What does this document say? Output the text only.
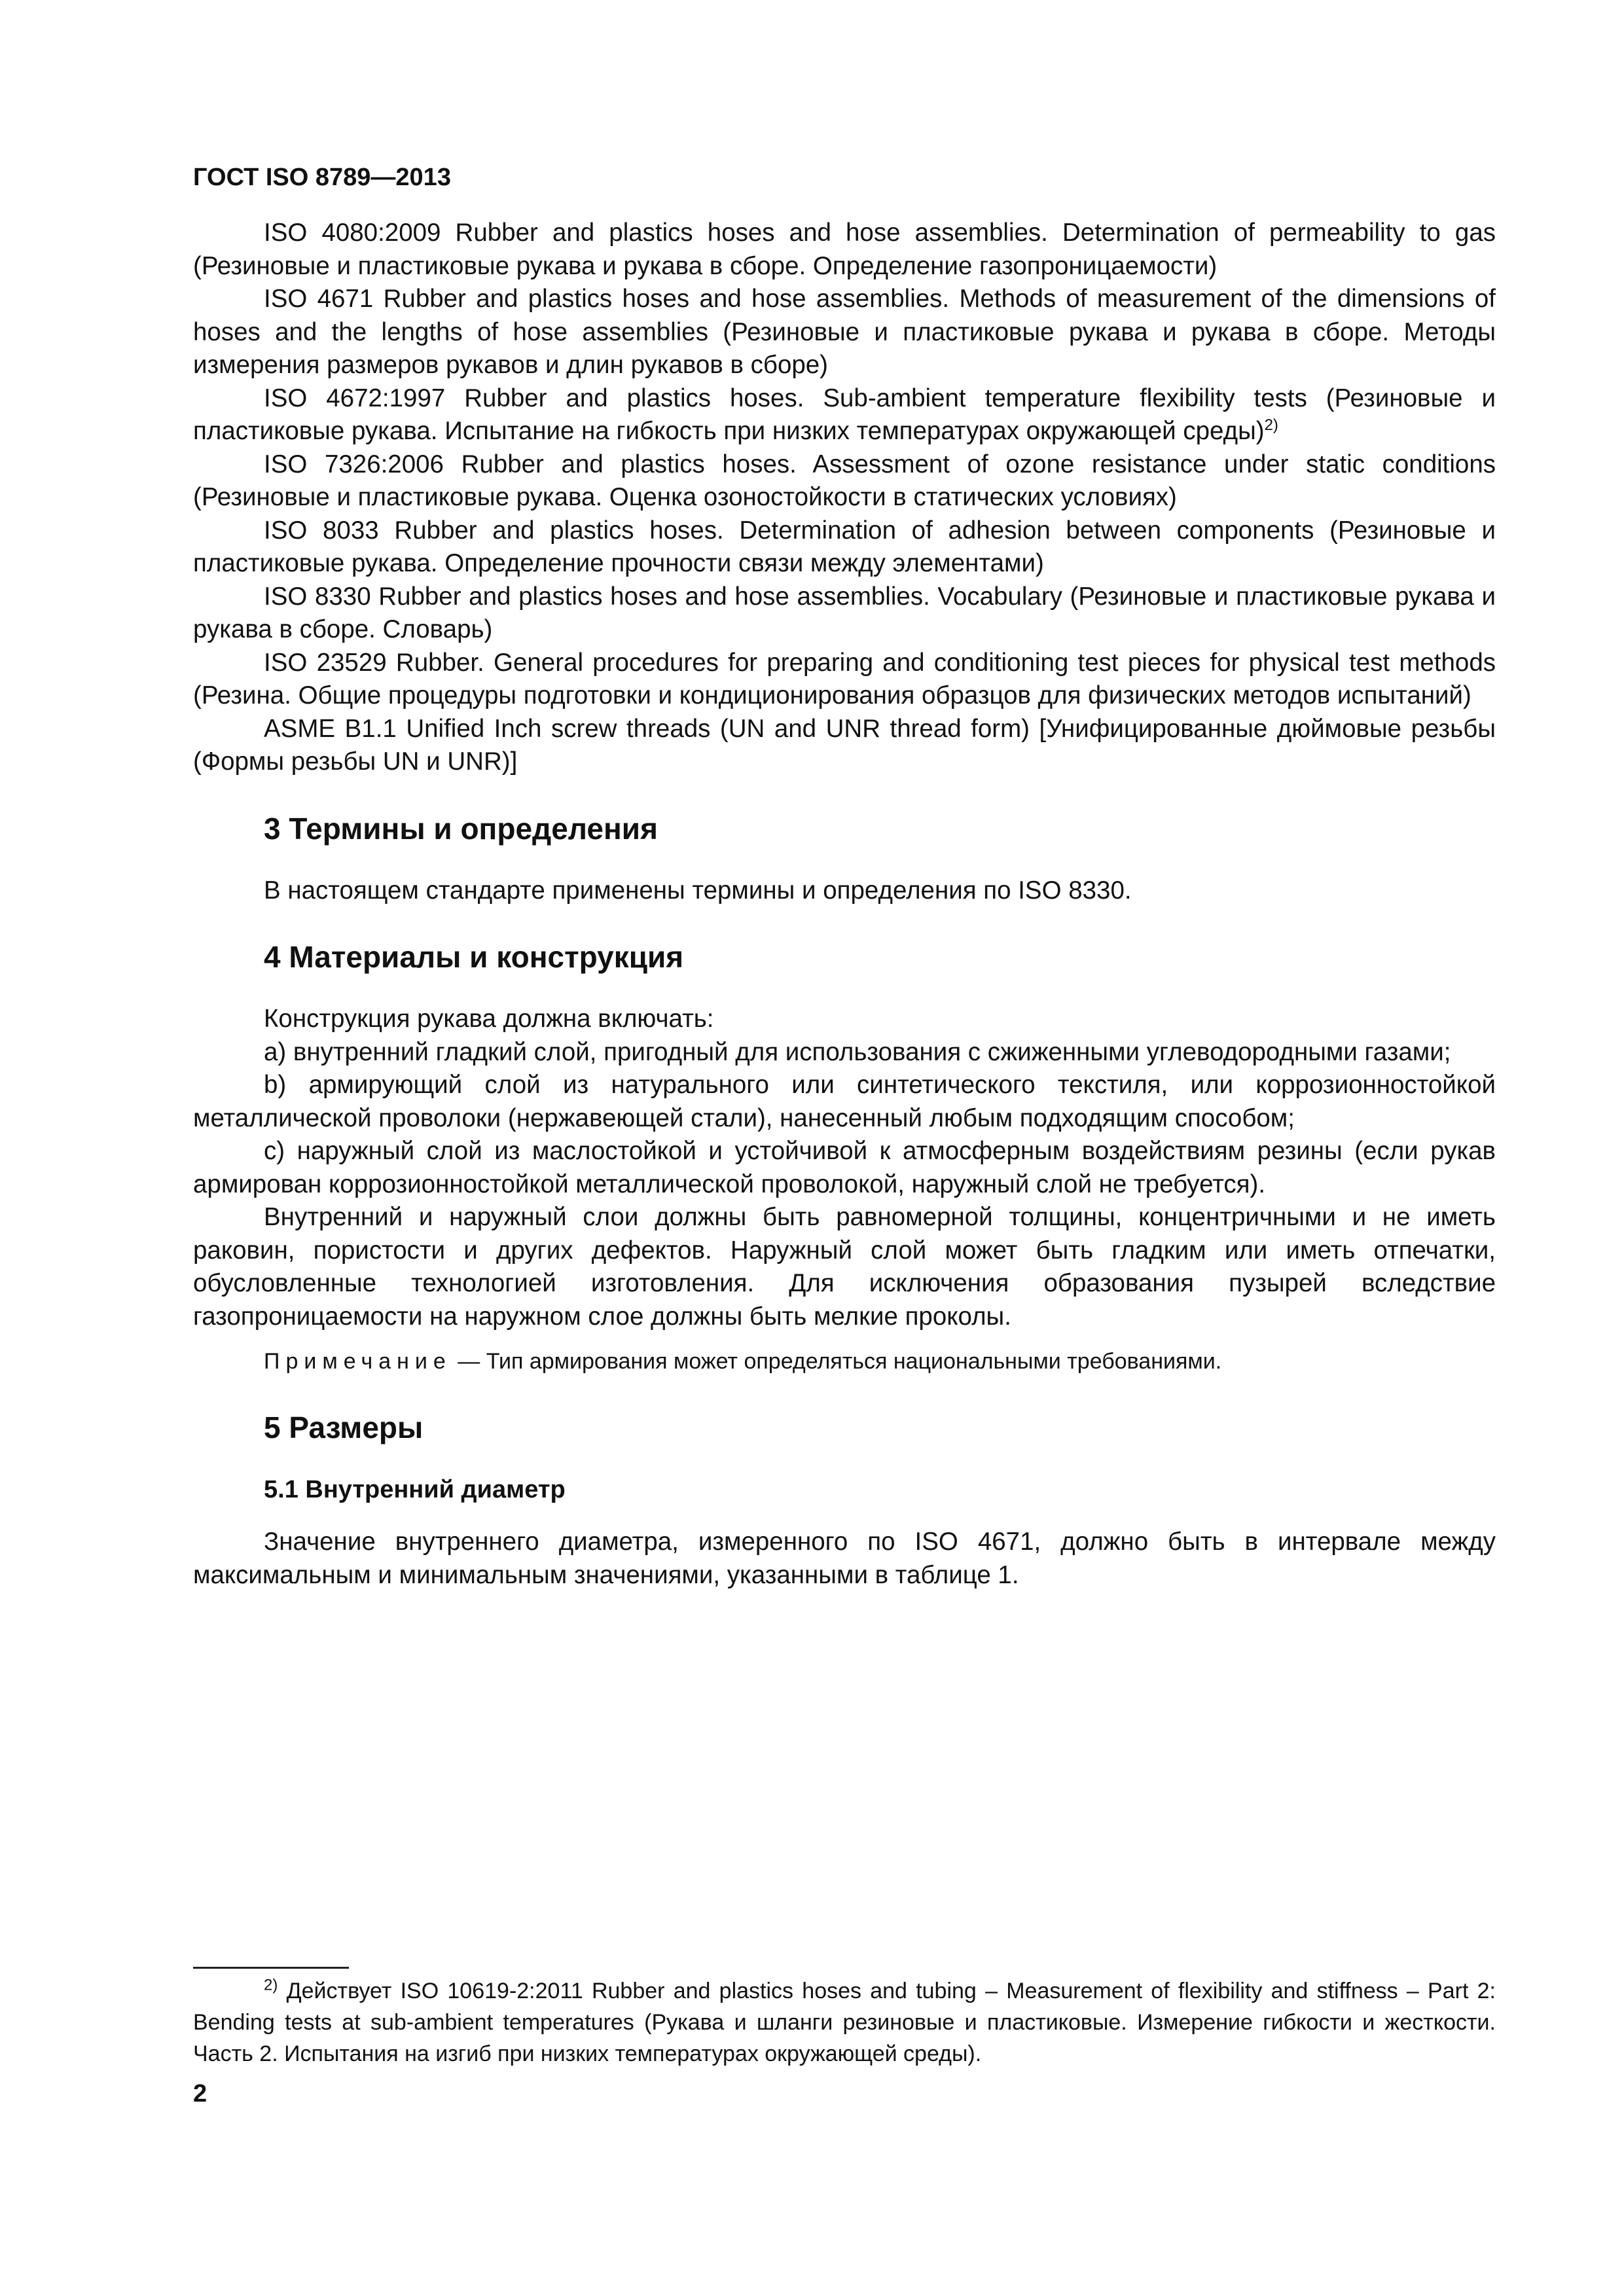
ГОСТ ISO 8789—2013

ISO 4080:2009 Rubber and plastics hoses and hose assemblies. Determination of permeability to gas (Резиновые и пластиковые рукава и рукава в сборе. Определение газопроницаемости)

ISO 4671 Rubber and plastics hoses and hose assemblies. Methods of measurement of the dimensions of hoses and the lengths of hose assemblies (Резиновые и пластиковые рукава и рукава в сборе. Методы измерения размеров рукавов и длин рукавов в сборе)

ISO 4672:1997 Rubber and plastics hoses. Sub-ambient temperature flexibility tests (Резиновые и пластиковые рукава. Испытание на гибкость при низких температурах окружающей среды)$^{2)}$

ISO 7326:2006 Rubber and plastics hoses. Assessment of ozone resistance under static conditions (Резиновые и пластиковые рукава. Оценка озоностойкости в статических условиях)

ISO 8033 Rubber and plastics hoses. Determination of adhesion between components (Резиновые и пластиковые рукава. Определение прочности связи между элементами)

ISO 8330 Rubber and plastics hoses and hose assemblies. Vocabulary (Резиновые и пластиковые рукава и рукава в сборе. Словарь)

ISO 23529 Rubber. General procedures for preparing and conditioning test pieces for physical test methods (Резина. Общие процедуры подготовки и кондиционирования образцов для физических методов испытаний)

ASME B1.1 Unified Inch screw threads (UN and UNR thread form) [Унифицированные дюймовые резьбы (Формы резьбы UN и UNR)]

3 Термины и определения

В настоящем стандарте применены термины и определения по ISO 8330.

4 Материалы и конструкция

Конструкция рукава должна включать:

a) внутренний гладкий слой, пригодный для использования с сжиженными углеводородными газами;

b) армирующий слой из натурального или синтетического текстиля, или коррозионностойкой металлической проволоки (нержавеющей стали), нанесенный любым подходящим способом;

c) наружный слой из маслостойкой и устойчивой к атмосферным воздействиям резины (если рукав армирован коррозионностойкой металлической проволокой, наружный слой не требуется).

Внутренний и наружный слои должны быть равномерной толщины, концентричными и не иметь раковин, пористости и других дефектов. Наружный слой может быть гладким или иметь отпечатки, обусловленные технологией изготовления. Для исключения образования пузырей вследствие газопроницаемости на наружном слое должны быть мелкие проколы.

Примечание — Тип армирования может определяться национальными требованиями.

5 Размеры
5.1 Внутренний диаметр

Значение внутреннего диаметра, измеренного по ISO 4671, должно быть в интервале между максимальным и минимальным значениями, указанными в таблице 1.

$^{2)}$ Действует ISO 10619-2:2011 Rubber and plastics hoses and tubing – Measurement of flexibility and stiffness – Part 2: Bending tests at sub-ambient temperatures (Рукава и шланги резиновые и пластиковые. Измерение гибкости и жесткости. Часть 2. Испытания на изгиб при низких температурах окружающей среды).

2
